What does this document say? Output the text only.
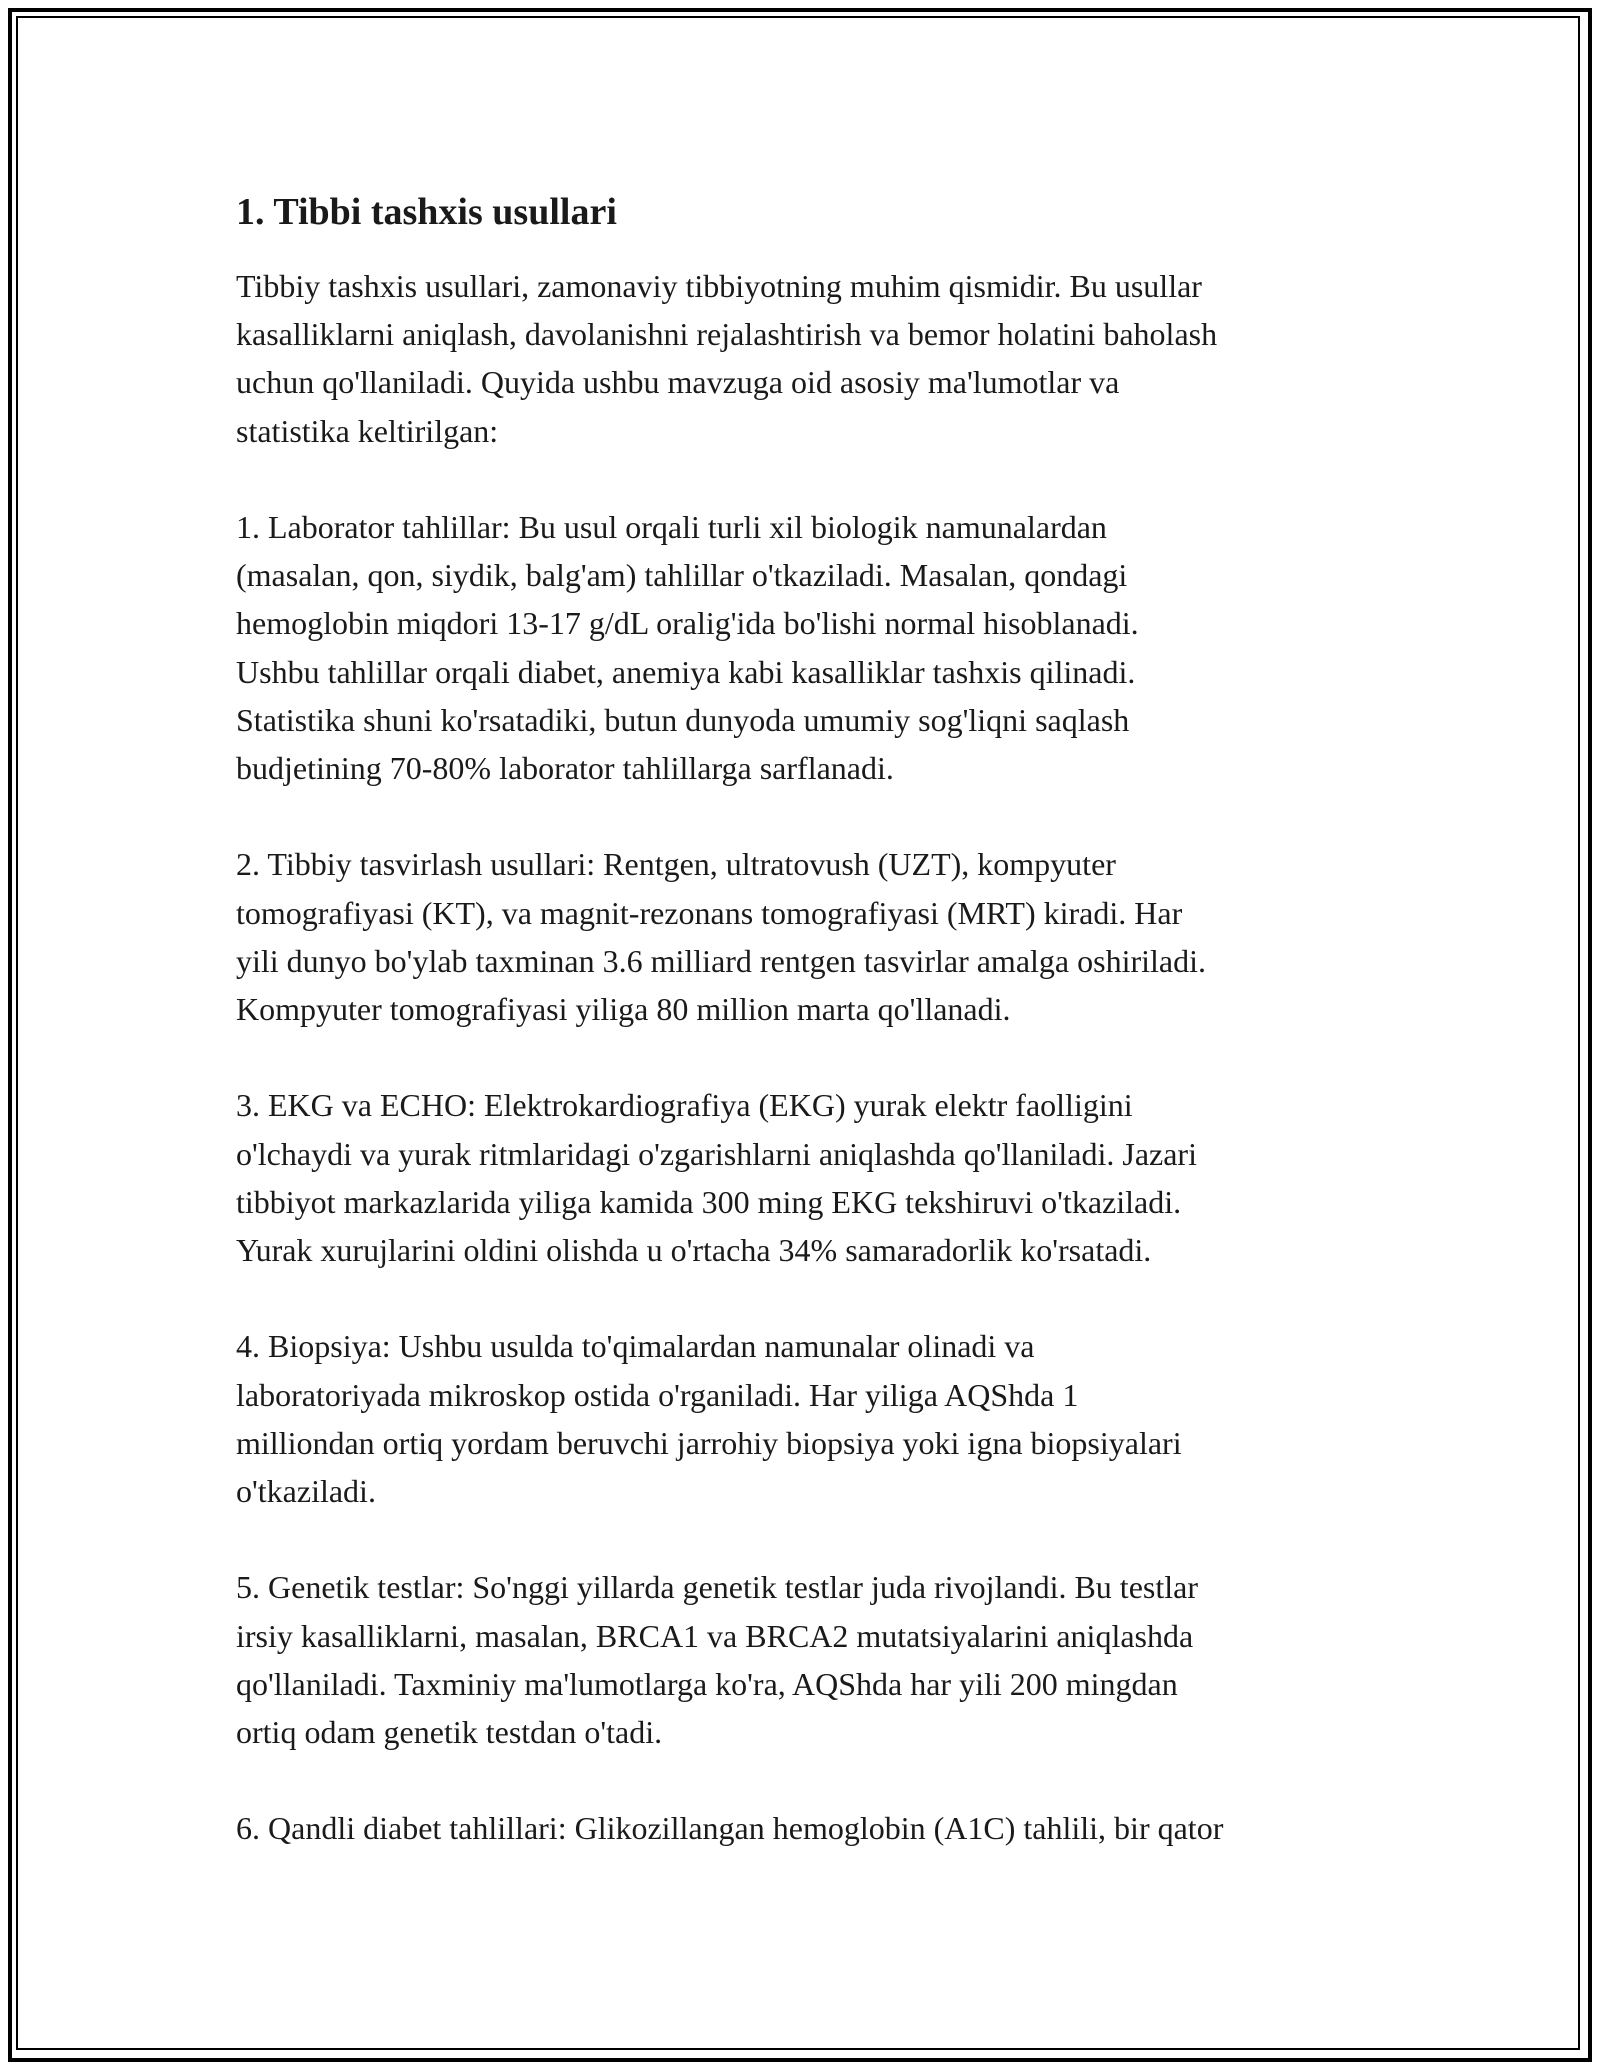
1. Tibbi tashxis usullari
Tibbiy tashxis usullari, zamonaviy tibbiyotning muhim qismidir. Bu usullar
kasalliklarni aniqlash, davolanishni rejalashtirish va bemor holatini baholash
uchun qo'llaniladi. Quyida ushbu mavzuga oid asosiy ma'lumotlar va
statistika keltirilgan:
1. Laborator tahlillar: Bu usul orqali turli xil biologik namunalardan
(masalan, qon, siydik, balg'am) tahlillar o'tkaziladi. Masalan, qondagi
hemoglobin miqdori 13-17 g/dL oralig'ida bo'lishi normal hisoblanadi.
Ushbu tahlillar orqali diabet, anemiya kabi kasalliklar tashxis qilinadi.
Statistika shuni ko'rsatadiki, butun dunyoda umumiy sog'liqni saqlash
budjetining 70-80% laborator tahlillarga sarflanadi.
2. Tibbiy tasvirlash usullari: Rentgen, ultratovush (UZT), kompyuter
tomografiyasi (KT), va magnit-rezonans tomografiyasi (MRT) kiradi. Har
yili dunyo bo'ylab taxminan 3.6 milliard rentgen tasvirlar amalga oshiriladi.
Kompyuter tomografiyasi yiliga 80 million marta qo'llanadi.
3. EKG va ECHO: Elektrokardiografiya (EKG) yurak elektr faolligini
o'lchaydi va yurak ritmlaridagi o'zgarishlarni aniqlashda qo'llaniladi. Jazari
tibbiyot markazlarida yiliga kamida 300 ming EKG tekshiruvi o'tkaziladi.
Yurak xurujlarini oldini olishda u o'rtacha 34% samaradorlik ko'rsatadi.
4. Biopsiya: Ushbu usulda to'qimalardan namunalar olinadi va
laboratoriyada mikroskop ostida o'rganiladi. Har yiliga AQShda 1
milliondan ortiq yordam beruvchi jarrohiy biopsiya yoki igna biopsiyalari
o'tkaziladi.
5. Genetik testlar: So'nggi yillarda genetik testlar juda rivojlandi. Bu testlar
irsiy kasalliklarni, masalan, BRCA1 va BRCA2 mutatsiyalarini aniqlashda
qo'llaniladi. Taxminiy ma'lumotlarga ko'ra, AQShda har yili 200 mingdan
ortiq odam genetik testdan o'tadi.
6. Qandli diabet tahlillari: Glikozillangan hemoglobin (A1C) tahlili, bir qator
